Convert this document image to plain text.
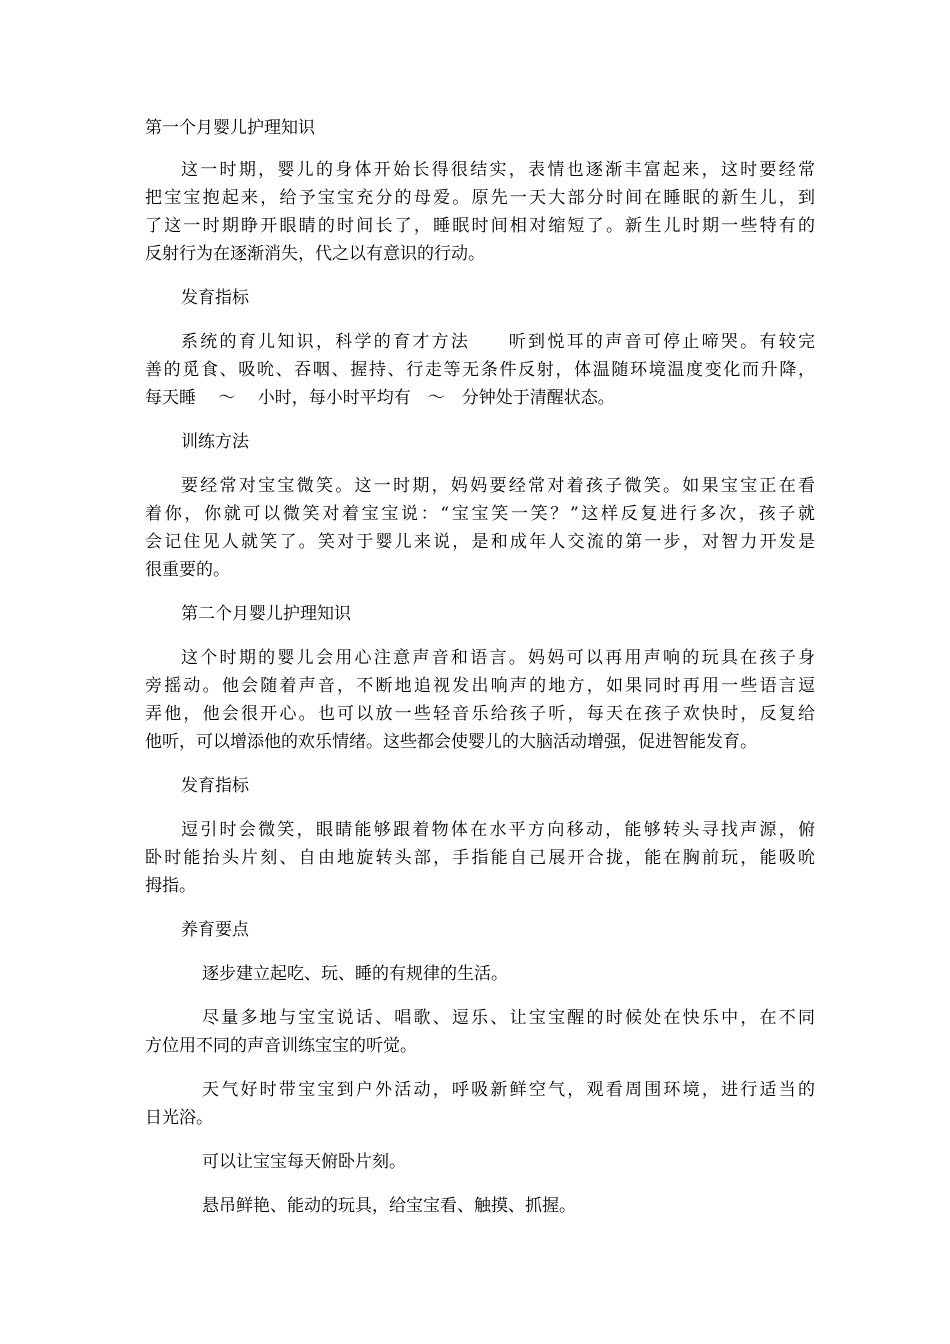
第一个月婴儿护理知识
这一时期，婴儿的身体开始长得很结实，表情也逐渐丰富起来，这时要经常
把宝宝抱起来，给予宝宝充分的母爱。原先一天大部分时间在睡眠的新生儿，到
了这一时期睁开眼睛的时间长了，睡眠时间相对缩短了。新生儿时期一些特有的
反射行为在逐渐消失，代之以有意识的行动。
发育指标
系统的育儿知识，科学的育才方法　　听到悦耳的声音可停止啼哭。有较完
善的觅食、吸吮、吞咽、握持、行走等无条件反射，体温随环境温度变化而升降，
每天睡　 ～　 小时，每小时平均有　～　分钟处于清醒状态。
训练方法
要经常对宝宝微笑。这一时期，妈妈要经常对着孩子微笑。如果宝宝正在看
着你，你就可以微笑对着宝宝说：“宝宝笑一笑？”这样反复进行多次，孩子就
会记住见人就笑了。笑对于婴儿来说，是和成年人交流的第一步，对智力开发是
很重要的。
第二个月婴儿护理知识
这个时期的婴儿会用心注意声音和语言。妈妈可以再用声响的玩具在孩子身
旁摇动。他会随着声音，不断地追视发出响声的地方，如果同时再用一些语言逗
弄他，他会很开心。也可以放一些轻音乐给孩子听，每天在孩子欢快时，反复给
他听，可以增添他的欢乐情绪。这些都会使婴儿的大脑活动增强，促进智能发育。
发育指标
逗引时会微笑，眼睛能够跟着物体在水平方向移动，能够转头寻找声源，俯
卧时能抬头片刻、自由地旋转头部，手指能自己展开合拢，能在胸前玩，能吸吮
拇指。
养育要点
逐步建立起吃、玩、睡的有规律的生活。
尽量多地与宝宝说话、唱歌、逗乐、让宝宝醒的时候处在快乐中，在不同
方位用不同的声音训练宝宝的听觉。
天气好时带宝宝到户外活动，呼吸新鲜空气，观看周围环境，进行适当的
日光浴。
可以让宝宝每天俯卧片刻。
悬吊鲜艳、能动的玩具，给宝宝看、触摸、抓握。
